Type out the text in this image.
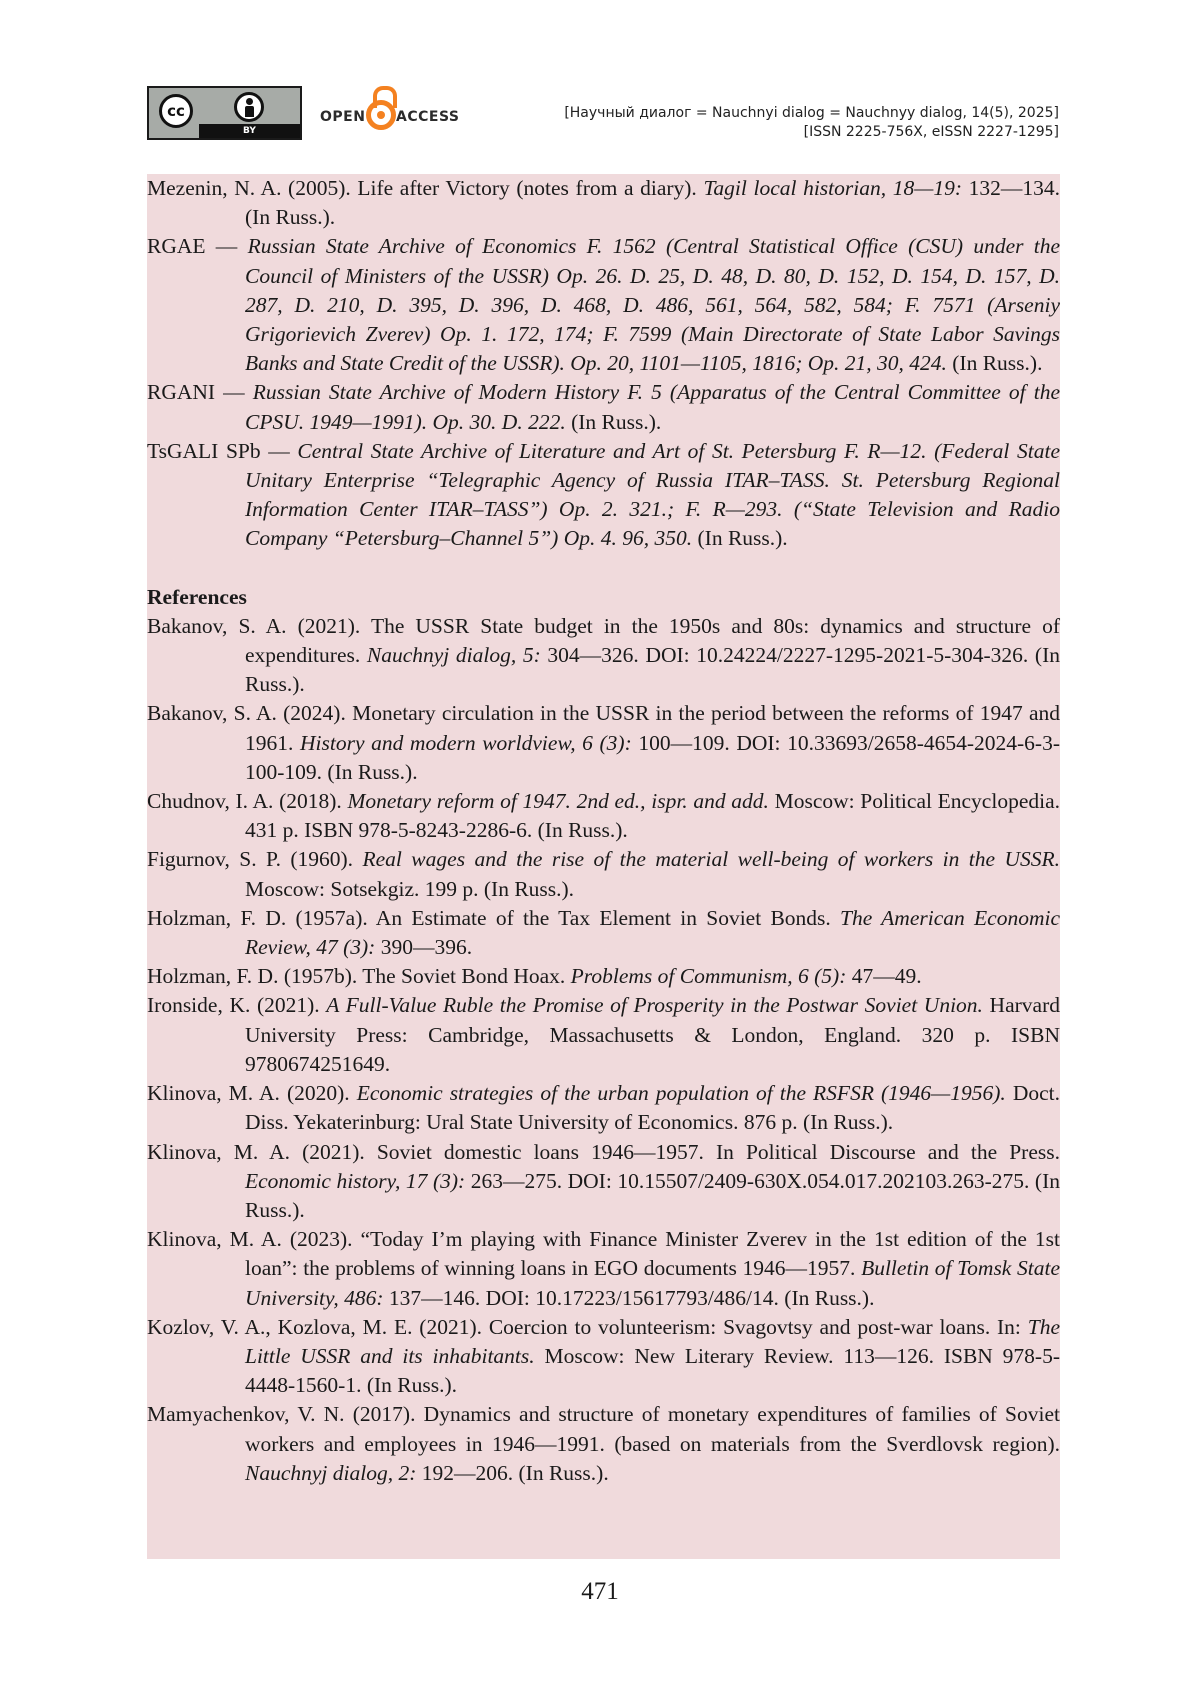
cc
BY
OPEN ACCESS	[Научный диалог = Nauchnyi dialog = Nauchnyy dialog, 14(5), 2025]
[ISSN 2225-756X, eISSN 2227-1295]

Mezenin, N. A. (2005). Life after Victory (notes from a diary). Tagil local historian, 18—19: 132—134. (In Russ.).

RGAE — Russian State Archive of Economics F. 1562 (Central Statistical Office (CSU) under the Council of Ministers of the USSR) Op. 26. D. 25, D. 48, D. 80, D. 152, D. 154, D. 157, D. 287, D. 210, D. 395, D. 396, D. 468, D. 486, 561, 564, 582, 584; F. 7571 (Arseniy Grigorievich Zverev) Op. 1. 172, 174; F. 7599 (Main Directorate of State Labor Savings Banks and State Credit of the USSR). Op. 20, 1101—1105, 1816; Op. 21, 30, 424. (In Russ.).

RGANI — Russian State Archive of Modern History F. 5 (Apparatus of the Central Committee of the CPSU. 1949—1991). Op. 30. D. 222. (In Russ.).

TsGALI SPb — Central State Archive of Literature and Art of St. Petersburg F. R—12. (Federal State Unitary Enterprise “Telegraphic Agency of Russia ITAR–TASS. St. Petersburg Regional Information Center ITAR–TASS”) Op. 2. 321.; F. R—293. (“State Television and Radio Company “Petersburg–Channel 5”) Op. 4. 96, 350. (In Russ.).

References

Bakanov, S. A. (2021). The USSR State budget in the 1950s and 80s: dynamics and structure of expenditures. Nauchnyj dialog, 5: 304—326. DOI: 10.24224/2227-1295-2021-5-304-326. (In Russ.).

Bakanov, S. A. (2024). Monetary circulation in the USSR in the period between the reforms of 1947 and 1961. History and modern worldview, 6 (3): 100—109. DOI: 10.33693/2658-4654-2024-6-3-100-109. (In Russ.).

Chudnov, I. A. (2018). Monetary reform of 1947. 2nd ed., ispr. and add. Moscow: Political Encyclopedia. 431 p. ISBN 978-5-8243-2286-6. (In Russ.).

Figurnov, S. P. (1960). Real wages and the rise of the material well-being of workers in the USSR. Moscow: Sotsekgiz. 199 p. (In Russ.).

Holzman, F. D. (1957a). An Estimate of the Tax Element in Soviet Bonds. The American Economic Review, 47 (3): 390—396.

Holzman, F. D. (1957b). The Soviet Bond Hoax. Problems of Communism, 6 (5): 47—49.

Ironside, K. (2021). A Full-Value Ruble the Promise of Prosperity in the Postwar Soviet Union. Harvard University Press: Cambridge, Massachusetts & London, England. 320 p. ISBN 9780674251649.

Klinova, M. A. (2020). Economic strategies of the urban population of the RSFSR (1946—1956). Doct. Diss. Yekaterinburg: Ural State University of Economics. 876 p. (In Russ.).

Klinova, M. A. (2021). Soviet domestic loans 1946—1957. In Political Discourse and the Press. Economic history, 17 (3): 263—275. DOI: 10.15507/2409-630X.054.017.202103.263-275. (In Russ.).

Klinova, M. A. (2023). “Today I’m playing with Finance Minister Zverev in the 1st edition of the 1st loan”: the problems of winning loans in EGO documents 1946—1957. Bulletin of Tomsk State University, 486: 137—146. DOI: 10.17223/15617793/486/14. (In Russ.).

Kozlov, V. A., Kozlova, M. E. (2021). Coercion to volunteerism: Svagovtsy and post-war loans. In: The Little USSR and its inhabitants. Moscow: New Literary Review. 113—126. ISBN 978-5-4448-1560-1. (In Russ.).

Mamyachenkov, V. N. (2017). Dynamics and structure of monetary expenditures of families of Soviet workers and employees in 1946—1991. (based on materials from the Sverdlovsk region). Nauchnyj dialog, 2: 192—206. (In Russ.).

471
